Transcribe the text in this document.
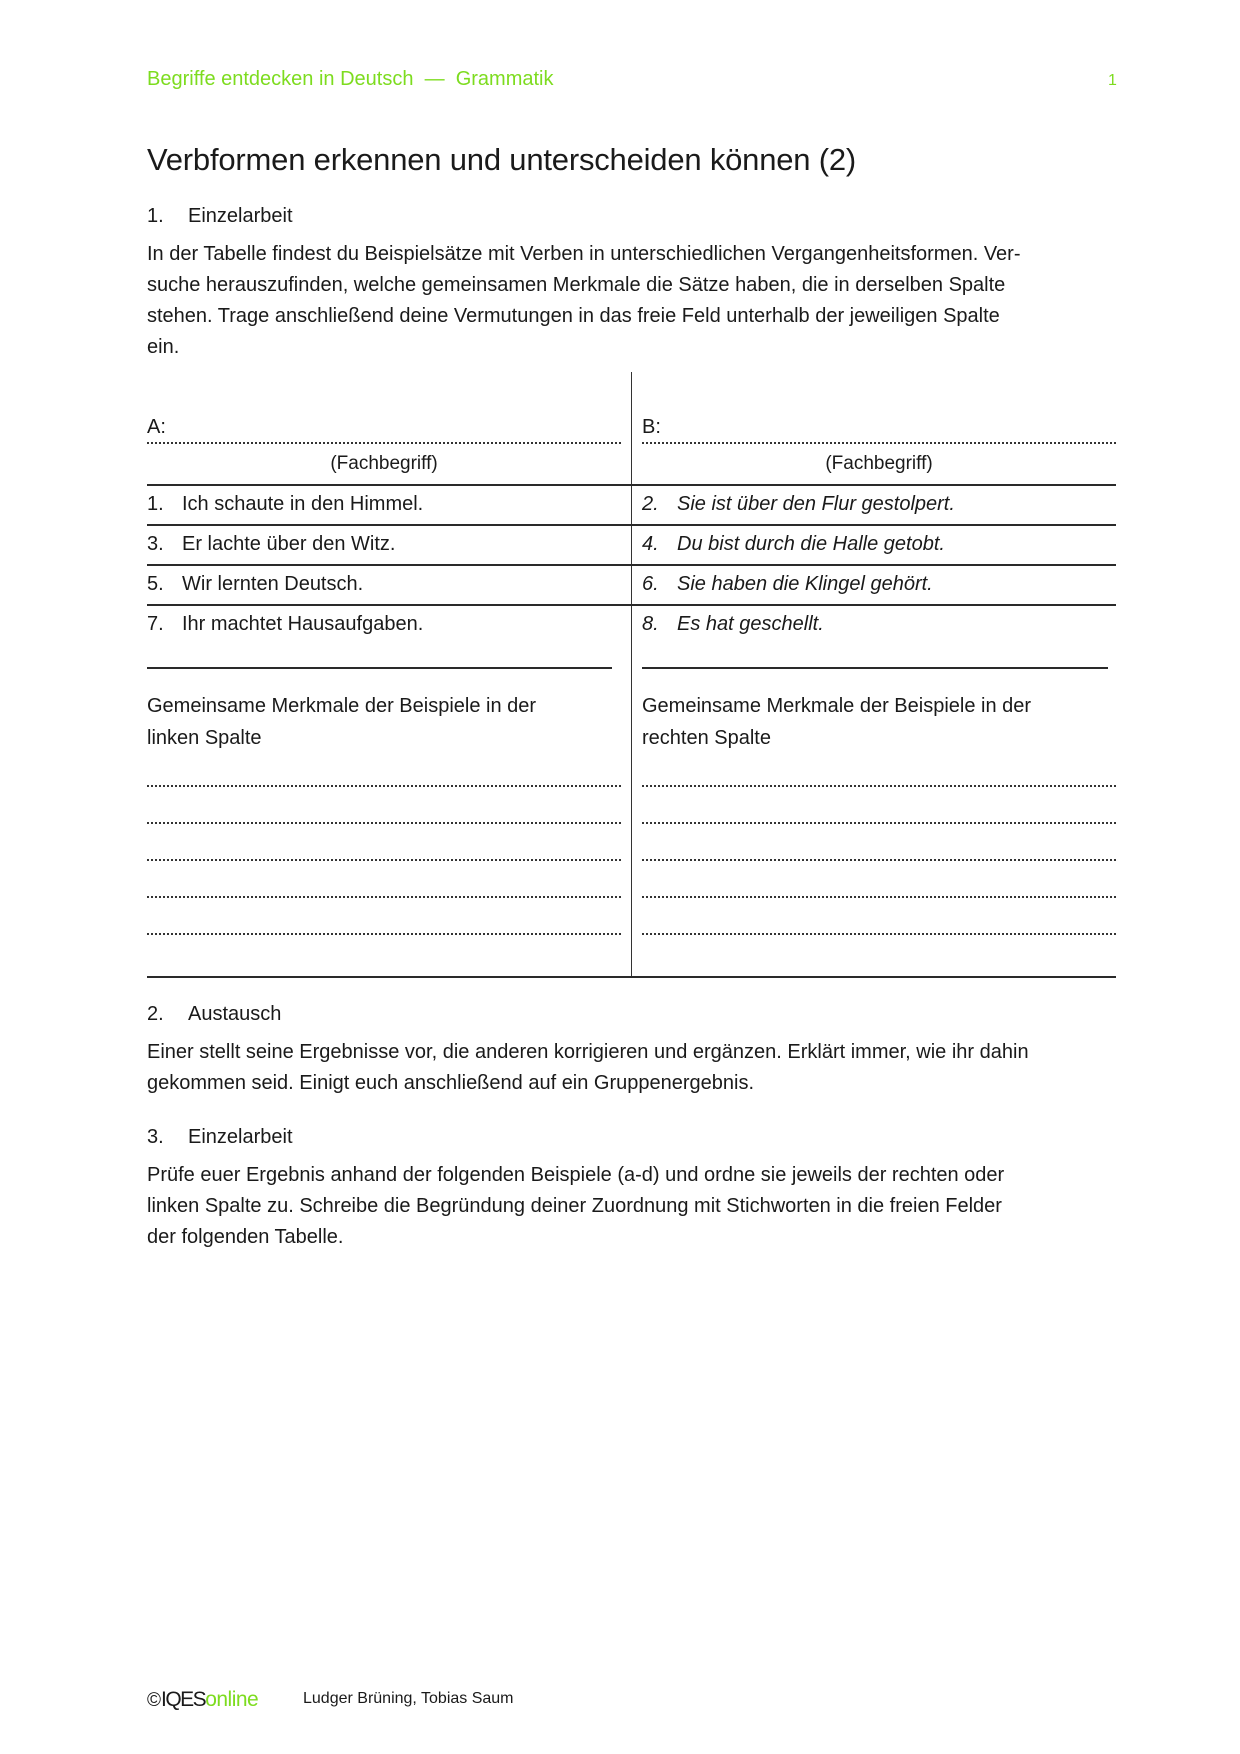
Begriffe entdecken in Deutsch — Grammatik	1
Verbformen erkennen und unterscheiden können (2)
1. Einzelarbeit
In der Tabelle findest du Beispielsätze mit Verben in unterschiedlichen Vergangenheitsformen. Ver-
suche herauszufinden, welche gemeinsamen Merkmale die Sätze haben, die in derselben Spalte
stehen. Trage anschließend deine Vermutungen in das freie Feld unterhalb der jeweiligen Spalte
ein.
A:
(Fachbegriff)
B:
(Fachbegriff)
1. Ich schaute in den Himmel.
3. Er lachte über den Witz.
5. Wir lernten Deutsch.
7. Ihr machtet Hausaufgaben.
2. Sie ist über den Flur gestolpert.
4. Du bist durch die Halle getobt.
6. Sie haben die Klingel gehört.
8. Es hat geschellt.
Gemeinsame Merkmale der Beispiele in der
linken Spalte
Gemeinsame Merkmale der Beispiele in der
rechten Spalte
2. Austausch
Einer stellt seine Ergebnisse vor, die anderen korrigieren und ergänzen. Erklärt immer, wie ihr dahin
gekommen seid. Einigt euch anschließend auf ein Gruppenergebnis.
3. Einzelarbeit
Prüfe euer Ergebnis anhand der folgenden Beispiele (a-d) und ordne sie jeweils der rechten oder
linken Spalte zu. Schreibe die Begründung deiner Zuordnung mit Stichworten in die freien Felder
der folgenden Tabelle.
©IQESonline	Ludger Brüning, Tobias Saum
